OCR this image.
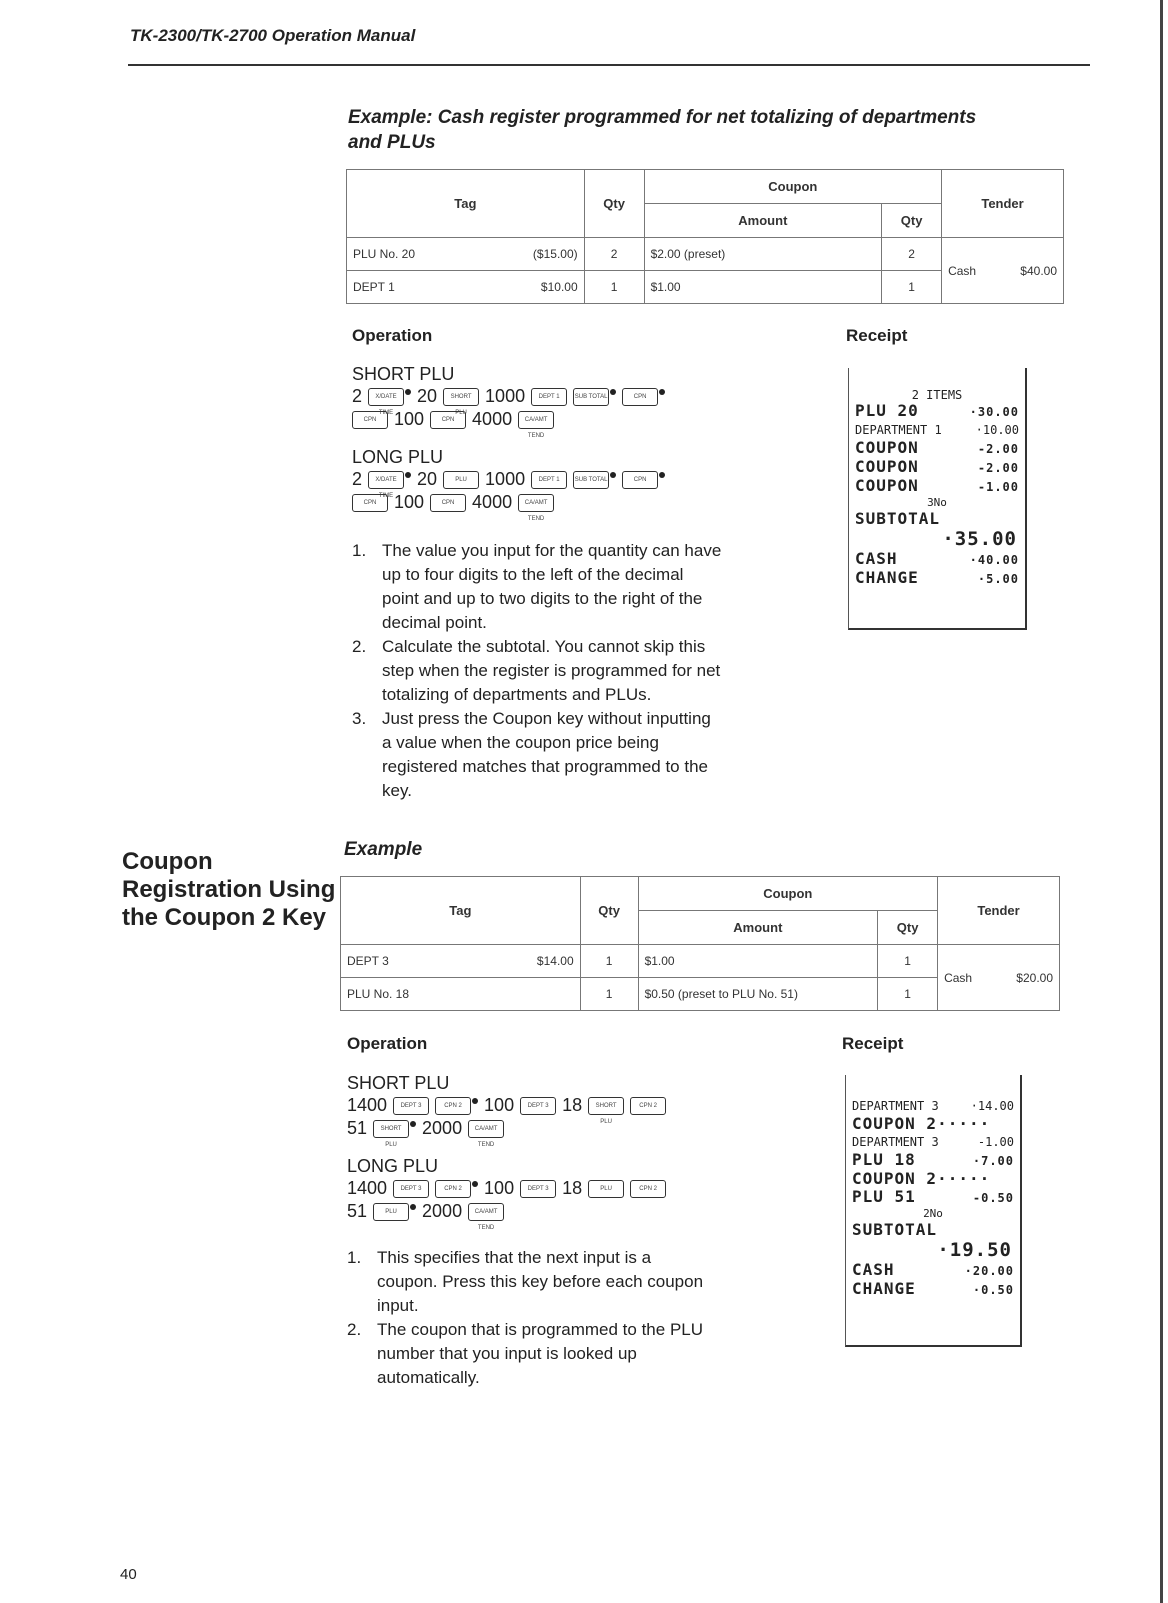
TK-2300/TK-2700 Operation Manual
Example: Cash register programmed for net totalizing of departments
and PLUs
Tag	Qty	Coupon		Tender
		Amount	Qty	

PLU No. 20 ($15.00)	2	$2.00 (preset)	2	Cash $40.00

DEPT 1 $10.00	1	$1.00	1	
Operation	Receipt
SHORT PLU
2	X/DATE TIME
20	SHORT PLU
1000	DEPT 1	SUB TOTAL	CPN
CPN 100	CPN 4000	CA/AMT TEND
LONG PLU
2	X/DATE TIME
20	PLU	1000	DEPT 1	SUB TOTAL	CPN
CPN 100	CPN 4000	CA/AMT TEND
1. The value you input for the quantity can have up to four digits to the left of the decimal point and up to two digits to the right of the decimal point.
2. Calculate the subtotal. You cannot skip this step when the register is programmed for net totalizing of departments and PLUs.
3. Just press the Coupon key without inputting a value when the coupon price being registered matches that programmed to the key.
2 ITEMS
PLU 20	·30.00
DEPARTMENT 1	·10.00
COUPON	-2.00
COUPON	-2.00
COUPON	-1.00
3No
SUBTOTAL
·35.00
CASH	·40.00
CHANGE	·5.00
Coupon
Registration Using
the Coupon 2 Key
Example
Tag	Qty	Coupon		Tender
		Amount	Qty	

DEPT 3 $14.00	1	$1.00	1	Cash $20.00

PLU No. 18	1	$0.50 (preset to PLU No. 51)	1	
Operation	Receipt
SHORT PLU
1400	DEPT 3	CPN 2	100	DEPT 3 18	SHORT PLU
CPN 2
51	SHORT PLU
2000	CA/AMT TEND
LONG PLU
1400	DEPT 3	CPN 2	100	DEPT 3 18	PLU	CPN 2
51	PLU	2000	CA/AMT TEND
1. This specifies that the next input is a coupon. Press this key before each coupon input.
2. The coupon that is programmed to the PLU number that you input is looked up automatically.
DEPARTMENT 3	·14.00
COUPON 2·····
DEPARTMENT 3	-1.00
PLU 18	·7.00
COUPON 2·····
PLU 51	-0.50
2No
SUBTOTAL
·19.50
CASH	·20.00
CHANGE	·0.50
40
